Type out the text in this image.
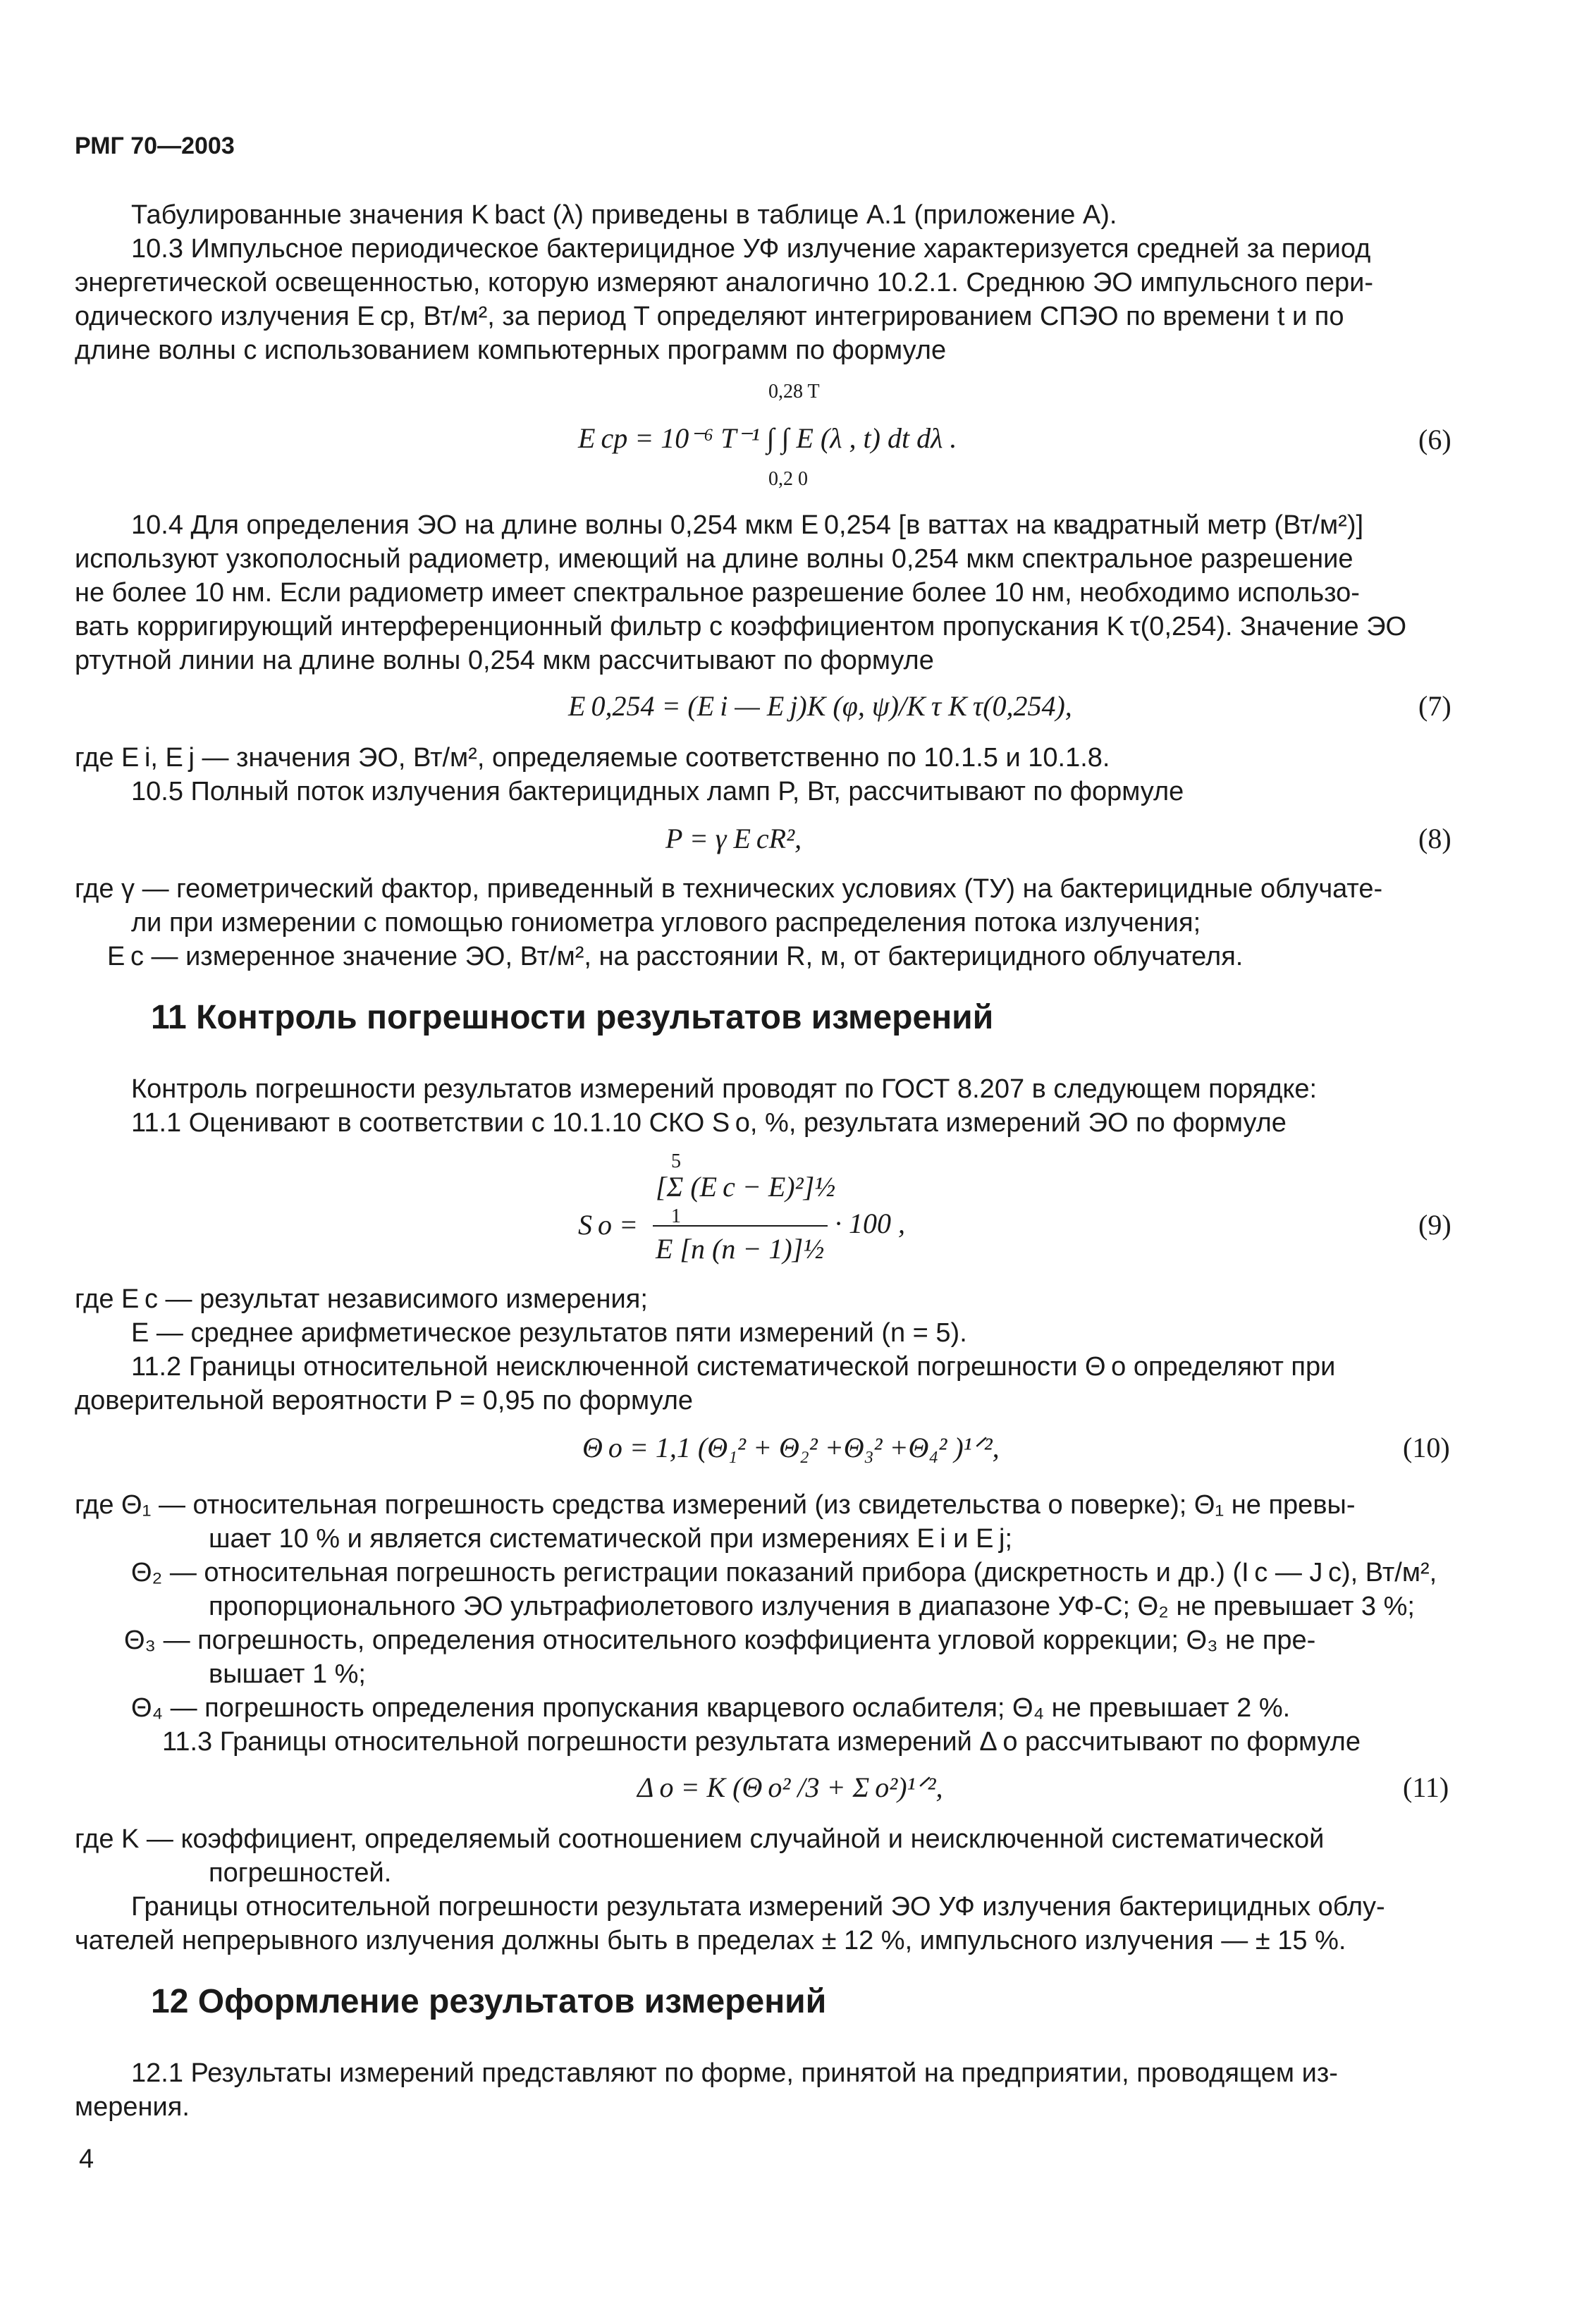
РМГ 70—2003
Табулированные значения K bact (λ) приведены в таблице А.1 (приложение А).
10.3 Импульсное периодическое бактерицидное УФ излучение характеризуется средней за период
энергетической освещенностью, которую измеряют аналогично 10.2.1. Среднюю ЭО импульсного пери-
одического излучения E ср, Вт/м², за период T определяют интегрированием СПЭО по времени t и по
длине волны с использованием компьютерных программ по формуле
0,28 T
E ср = 10⁻⁶ T⁻¹ ∫ ∫ E (λ , t) dt dλ .
0,2 0
(6)
10.4 Для определения ЭО на длине волны 0,254 мкм E 0,254 [в ваттах на квадратный метр (Вт/м²)]
используют узкополосный радиометр, имеющий на длине волны 0,254 мкм спектральное разрешение
не более 10 нм. Если радиометр имеет спектральное разрешение более 10 нм, необходимо использо-
вать корригирующий интерференционный фильтр с коэффициентом пропускания K τ(0,254). Значение ЭО
ртутной линии на длине волны 0,254 мкм рассчитывают по формуле
E 0,254 = (E i — E j)K (φ, ψ)/K τ K τ(0,254),	(7)
где E i, E j — значения ЭО, Вт/м², определяемые соответственно по 10.1.5 и 10.1.8.
10.5 Полный поток излучения бактерицидных ламп P, Вт, рассчитывают по формуле
P = γ E cR²,	(8)
где γ — геометрический фактор, приведенный в технических условиях (ТУ) на бактерицидные облучате-
ли при измерении с помощью гониометра углового распределения потока излучения;
E c — измеренное значение ЭО, Вт/м², на расстоянии R, м, от бактерицидного облучателя.
11 Контроль погрешности результатов измерений
Контроль погрешности результатов измерений проводят по ГОСТ 8.207 в следующем порядке:
11.1 Оценивают в соответствии с 10.1.10 СКО S o, %, результата измерений ЭО по формуле
5
[Σ (E c − E)²]½
S o = 1	· 100 ,
E [n (n − 1)]½
(9)
где E c — результат независимого измерения;
E — среднее арифметическое результатов пяти измерений (n = 5).
11.2 Границы относительной неисключенной систематической погрешности Θ о определяют при
доверительной вероятности P = 0,95 по формуле
Θ о = 1,1 (Θ₁² + Θ₂² +Θ₃² +Θ₄² )¹ᐟ²,	(10)
где Θ₁ — относительная погрешность средства измерений (из свидетельства о поверке); Θ₁ не превы-
шает 10 % и является систематической при измерениях E i и E j;
Θ₂ — относительная погрешность регистрации показаний прибора (дискретность и др.) (I c — J c), Вт/м²,
пропорционального ЭО ультрафиолетового излучения в диапазоне УФ-С; Θ₂ не превышает 3 %;
Θ₃ — погрешность, определения относительного коэффициента угловой коррекции; Θ₃ не пре-
вышает 1 %;
Θ₄ — погрешность определения пропускания кварцевого ослабителя; Θ₄ не превышает 2 %.
11.3 Границы относительной погрешности результата измерений Δ о рассчитывают по формуле
Δ о = K (Θ о² /3 + Σ о²)¹ᐟ²,	(11)
где K — коэффициент, определяемый соотношением случайной и неисключенной систематической
погрешностей.
Границы относительной погрешности результата измерений ЭО УФ излучения бактерицидных облу-
чателей непрерывного излучения должны быть в пределах ± 12 %, импульсного излучения — ± 15 %.
12 Оформление результатов измерений
12.1 Результаты измерений представляют по форме, принятой на предприятии, проводящем из-
мерения.
4
